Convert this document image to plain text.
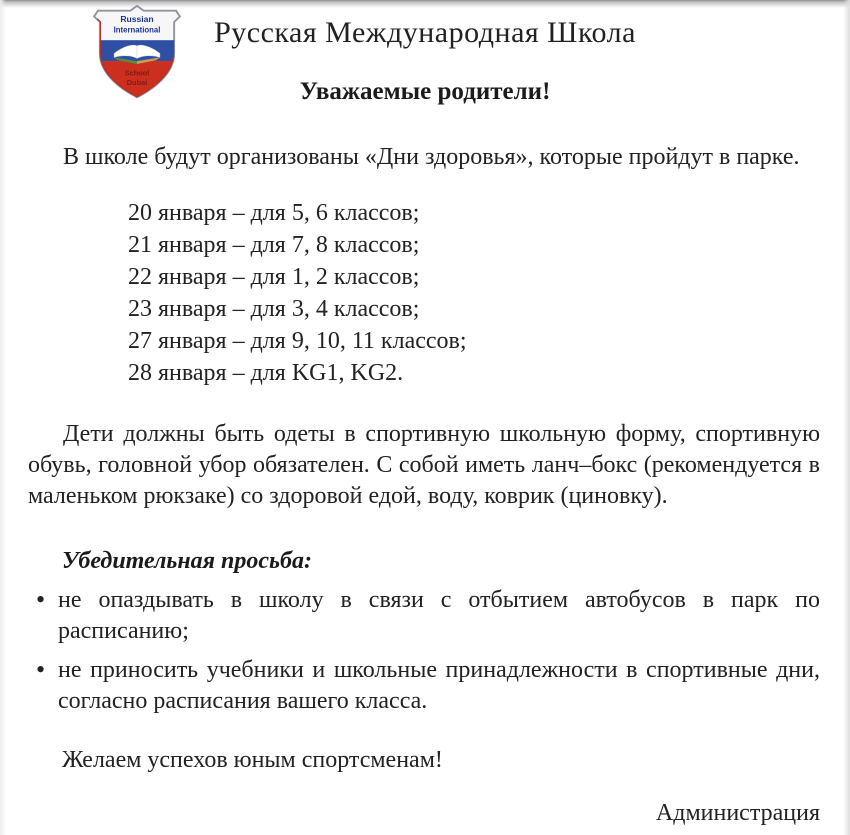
Russian
International
School
Dubai
Русская Международная Школа
Уважаемые родители!

В школе будут организованы «Дни здоровья», которые пройдут в парке.

20 января – для 5, 6 классов;
21 января – для 7, 8 классов;
22 января – для 1, 2 классов;
23 января – для 3, 4 классов;
27 января – для 9, 10, 11 классов;
28 января – для KG1, KG2.

Дети должны быть одеты в спортивную школьную форму, спортивную обувь, головной убор обязателен. С собой иметь ланч–бокс (рекомендуется в маленьком рюкзаке) со здоровой едой, воду, коврик (циновку).

Убедительная просьба:

• не опаздывать в школу в связи с отбытием автобусов в парк по расписанию;
• не приносить учебники и школьные принадлежности в спортивные дни, согласно расписания вашего класса.

Желаем успехов юным спортсменам!

Администрация
